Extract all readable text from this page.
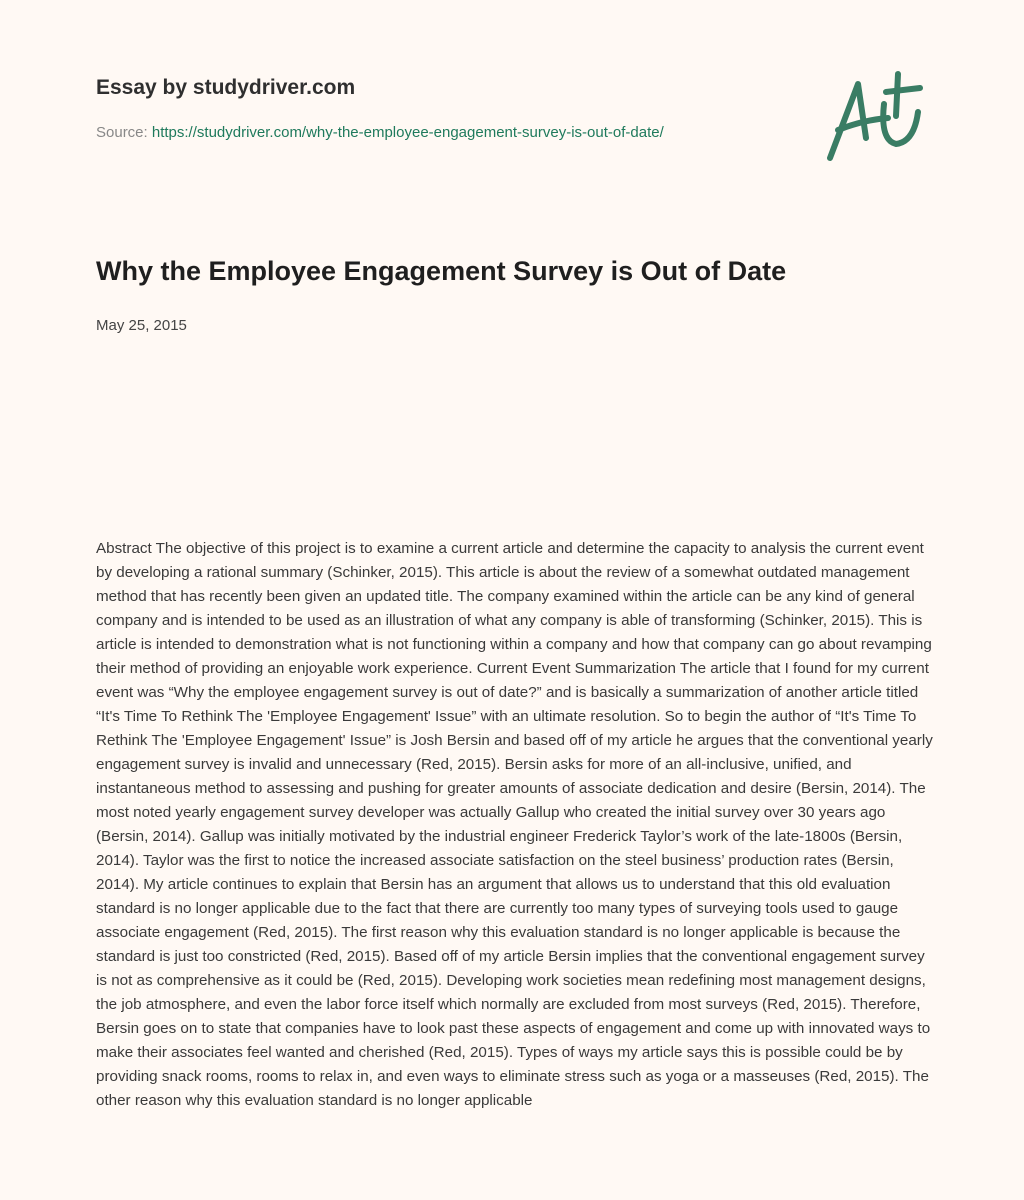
Essay by studydriver.com
Source: https://studydriver.com/why-the-employee-engagement-survey-is-out-of-date/
Why the Employee Engagement Survey is Out of Date
May 25, 2015

Abstract The objective of this project is to examine a current article and determine the capacity to analysis the current event by developing a rational summary (Schinker, 2015). This article is about the review of a somewhat outdated management method that has recently been given an updated title. The company examined within the article can be any kind of general company and is intended to be used as an illustration of what any company is able of transforming (Schinker, 2015). This is article is intended to demonstration what is not functioning within a company and how that company can go about revamping their method of providing an enjoyable work experience. Current Event Summarization The article that I found for my current event was “Why the employee engagement survey is out of date?” and is basically a summarization of another article titled “It's Time To Rethink The 'Employee Engagement' Issue” with an ultimate resolution. So to begin the author of “It's Time To Rethink The 'Employee Engagement' Issue” is Josh Bersin and based off of my article he argues that the conventional yearly engagement survey is invalid and unnecessary (Red, 2015). Bersin asks for more of an all-inclusive, unified, and instantaneous method to assessing and pushing for greater amounts of associate dedication and desire (Bersin, 2014). The most noted yearly engagement survey developer was actually Gallup who created the initial survey over 30 years ago (Bersin, 2014). Gallup was initially motivated by the industrial engineer Frederick Taylor’s work of the late-1800s (Bersin, 2014). Taylor was the first to notice the increased associate satisfaction on the steel business’ production rates (Bersin, 2014). My article continues to explain that Bersin has an argument that allows us to understand that this old evaluation standard is no longer applicable due to the fact that there are currently too many types of surveying tools used to gauge associate engagement (Red, 2015). The first reason why this evaluation standard is no longer applicable is because the standard is just too constricted (Red, 2015). Based off of my article Bersin implies that the conventional engagement survey is not as comprehensive as it could be (Red, 2015). Developing work societies mean redefining most management designs, the job atmosphere, and even the labor force itself which normally are excluded from most surveys (Red, 2015). Therefore, Bersin goes on to state that companies have to look past these aspects of engagement and come up with innovated ways to make their associates feel wanted and cherished (Red, 2015). Types of ways my article says this is possible could be by providing snack rooms, rooms to relax in, and even ways to eliminate stress such as yoga or a masseuses (Red, 2015). The other reason why this evaluation standard is no longer applicable
